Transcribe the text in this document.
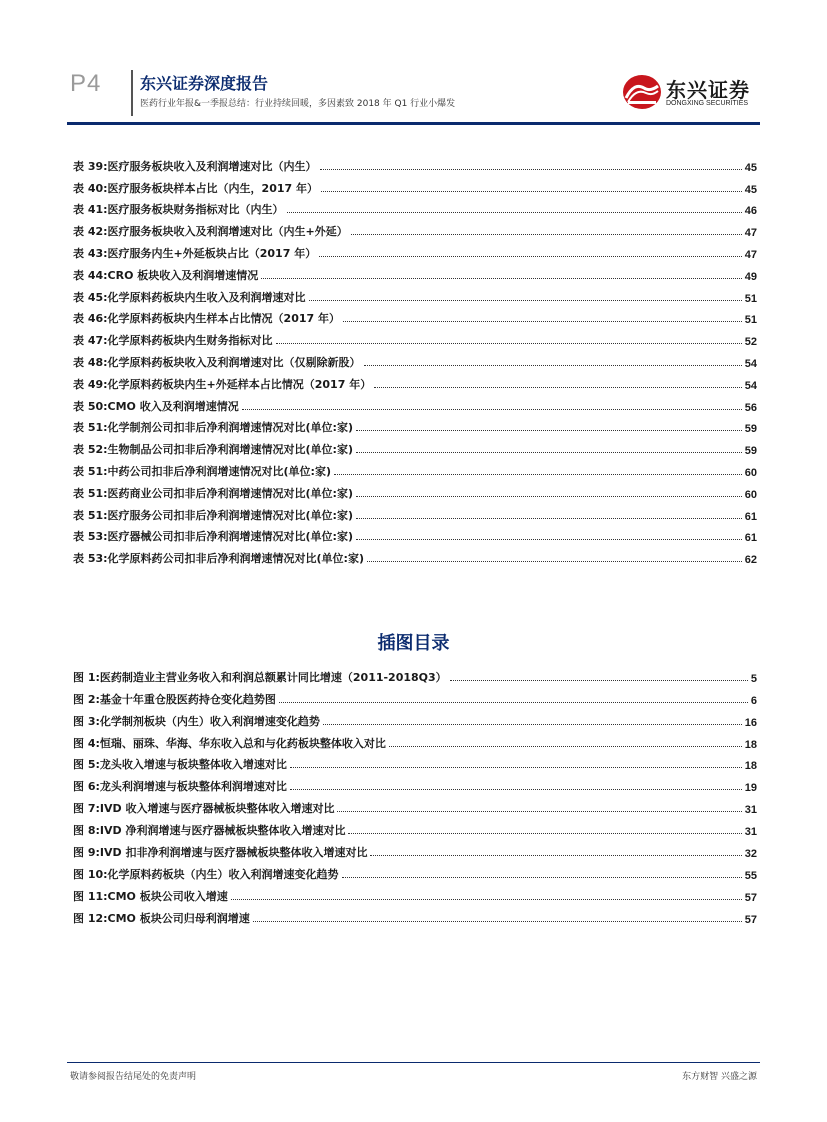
P4 东兴证券深度报告
医药行业年报&一季报总结：行业持续回暖，多因素致 2018 年 Q1 行业小爆发
东兴证券
DONGXING SECURITIES
表 39:医疗服务板块收入及利润增速对比（内生）	45
表 40:医疗服务板块样本占比（内生，2017 年）	45
表 41:医疗服务板块财务指标对比（内生）	46
表 42:医疗服务板块收入及利润增速对比（内生+外延）	47
表 43:医疗服务内生+外延板块占比（2017 年）	47
表 44:CRO 板块收入及利润增速情况	49
表 45:化学原料药板块内生收入及利润增速对比	51
表 46:化学原料药板块内生样本占比情况（2017 年）	51
表 47:化学原料药板块内生财务指标对比	52
表 48:化学原料药板块收入及利润增速对比（仅剔除新股）	54
表 49:化学原料药板块内生+外延样本占比情况（2017 年）	54
表 50:CMO 收入及利润增速情况	56
表 51:化学制剂公司扣非后净利润增速情况对比(单位:家)	59
表 52:生物制品公司扣非后净利润增速情况对比(单位:家)	59
表 51:中药公司扣非后净利润增速情况对比(单位:家)	60
表 51:医药商业公司扣非后净利润增速情况对比(单位:家)	60
表 51:医疗服务公司扣非后净利润增速情况对比(单位:家)	61
表 53:医疗器械公司扣非后净利润增速情况对比(单位:家)	61
表 53:化学原料药公司扣非后净利润增速情况对比(单位:家)	62
插图目录
图 1:医药制造业主营业务收入和利润总额累计同比增速（2011-2018Q3）	5
图 2:基金十年重仓股医药持仓变化趋势图	6
图 3:化学制剂板块（内生）收入利润增速变化趋势	16
图 4:恒瑞、丽珠、华海、华东收入总和与化药板块整体收入对比	18
图 5:龙头收入增速与板块整体收入增速对比	18
图 6:龙头利润增速与板块整体利润增速对比	19
图 7:IVD 收入增速与医疗器械板块整体收入增速对比	31
图 8:IVD 净利润增速与医疗器械板块整体收入增速对比	31
图 9:IVD 扣非净利润增速与医疗器械板块整体收入增速对比	32
图 10:化学原料药板块（内生）收入利润增速变化趋势	55
图 11:CMO 板块公司收入增速	57
图 12:CMO 板块公司归母利润增速	57
敬请参阅报告结尾处的免责声明	东方财智 兴盛之源
